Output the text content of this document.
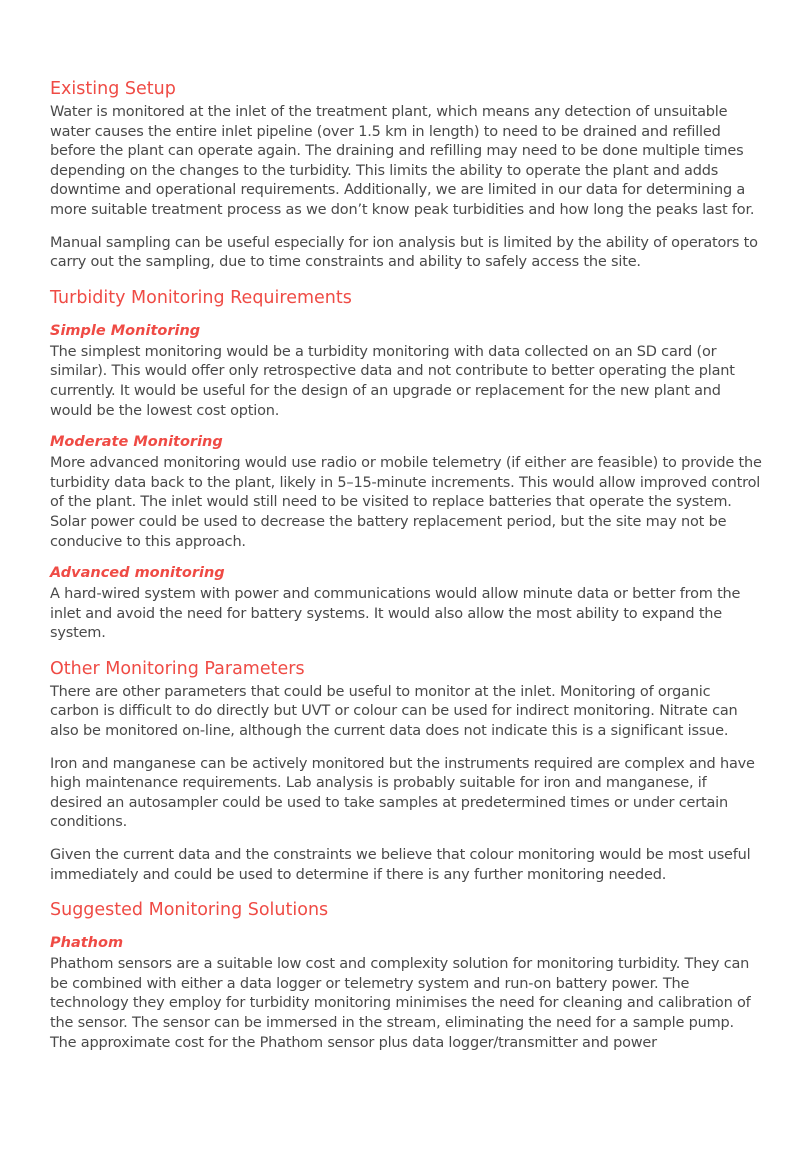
Existing Setup

Water is monitored at the inlet of the treatment plant, which means any detection of unsuitable water causes the entire inlet pipeline (over 1.5 km in length) to need to be drained and refilled before the plant can operate again. The draining and refilling may need to be done multiple times depending on the changes to the turbidity. This limits the ability to operate the plant and adds downtime and operational requirements. Additionally, we are limited in our data for determining a more suitable treatment process as we don’t know peak turbidities and how long the peaks last for.

Manual sampling can be useful especially for ion analysis but is limited by the ability of operators to carry out the sampling, due to time constraints and ability to safely access the site.

Turbidity Monitoring Requirements
Simple Monitoring

The simplest monitoring would be a turbidity monitoring with data collected on an SD card (or similar). This would offer only retrospective data and not contribute to better operating the plant currently. It would be useful for the design of an upgrade or replacement for the new plant and would be the lowest cost option.

Moderate Monitoring

More advanced monitoring would use radio or mobile telemetry (if either are feasible) to provide the turbidity data back to the plant, likely in 5–15-minute increments. This would allow improved control of the plant. The inlet would still need to be visited to replace batteries that operate the system. Solar power could be used to decrease the battery replacement period, but the site may not be conducive to this approach.

Advanced monitoring

A hard-wired system with power and communications would allow minute data or better from the inlet and avoid the need for battery systems. It would also allow the most ability to expand the system.

Other Monitoring Parameters

There are other parameters that could be useful to monitor at the inlet. Monitoring of organic carbon is difficult to do directly but UVT or colour can be used for indirect monitoring. Nitrate can also be monitored on-line, although the current data does not indicate this is a significant issue.

Iron and manganese can be actively monitored but the instruments required are complex and have high maintenance requirements. Lab analysis is probably suitable for iron and manganese, if desired an autosampler could be used to take samples at predetermined times or under certain conditions.

Given the current data and the constraints we believe that colour monitoring would be most useful immediately and could be used to determine if there is any further monitoring needed.

Suggested Monitoring Solutions
Phathom

Phathom sensors are a suitable low cost and complexity solution for monitoring turbidity. They can be combined with either a data logger or telemetry system and run-on battery power. The technology they employ for turbidity monitoring minimises the need for cleaning and calibration of the sensor. The sensor can be immersed in the stream, eliminating the need for a sample pump. The approximate cost for the Phathom sensor plus data logger/transmitter and power
